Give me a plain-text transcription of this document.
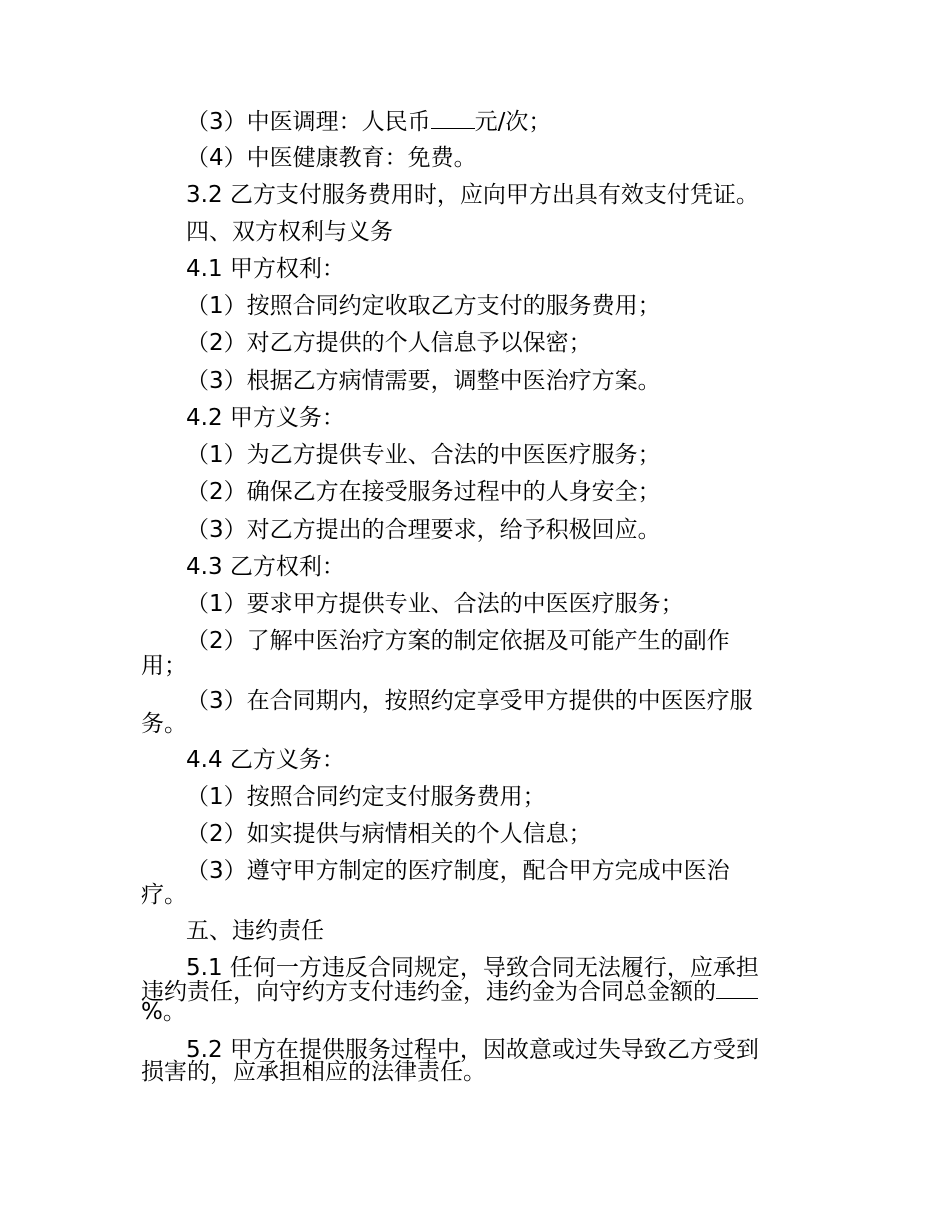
（3）中医调理：人民币 元/次；

（4）中医健康教育：免费。

3.2 乙方支付服务费用时，应向甲方出具有效支付凭证。

四、双方权利与义务

4.1 甲方权利：

（1）按照合同约定收取乙方支付的服务费用；

（2）对乙方提供的个人信息予以保密；

（3）根据乙方病情需要，调整中医治疗方案。

4.2 甲方义务：

（1）为乙方提供专业、合法的中医医疗服务；

（2）确保乙方在接受服务过程中的人身安全；

（3）对乙方提出的合理要求，给予积极回应。

4.3 乙方权利：

（1）要求甲方提供专业、合法的中医医疗服务；

（2）了解中医治疗方案的制定依据及可能产生的副作

用；

（3）在合同期内，按照约定享受甲方提供的中医医疗服

务。

4.4 乙方义务：

（1）按照合同约定支付服务费用；

（2）如实提供与病情相关的个人信息；

（3）遵守甲方制定的医疗制度，配合甲方完成中医治

疗。

五、违约责任

5.1 任何一方违反合同规定，导致合同无法履行，应承担

违约责任，向守约方支付违约金，违约金为合同总金额的

%。

5.2 甲方在提供服务过程中，因故意或过失导致乙方受到

损害的，应承担相应的法律责任。
